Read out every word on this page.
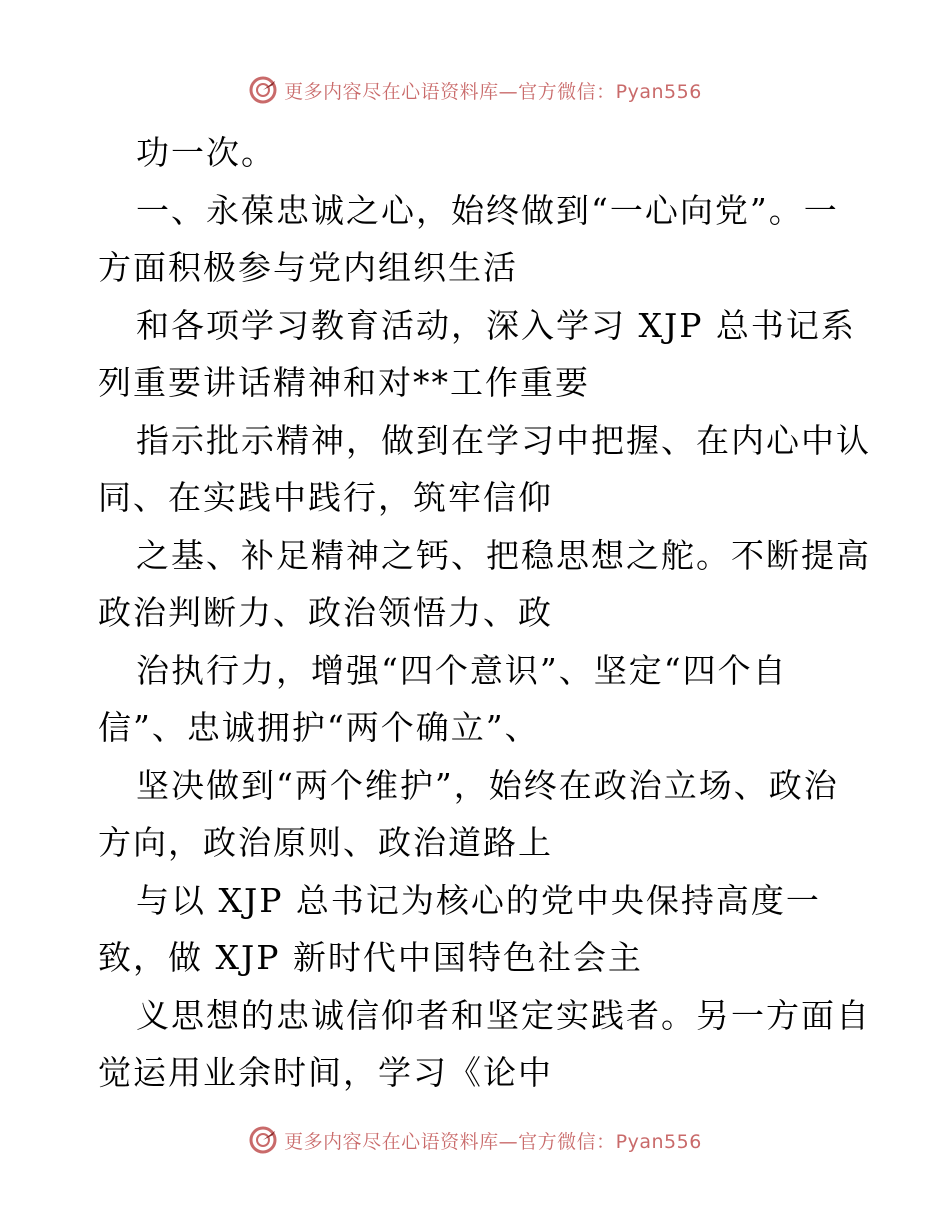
更多内容尽在心语资料库—官方微信：Pyan556
功一次。
一、永葆忠诚之心，始终做到“一心向党”。一
方面积极参与党内组织生活
和各项学习教育活动，深入学习 XJP 总书记系
列重要讲话精神和对**工作重要
指示批示精神，做到在学习中把握、在内心中认
同、在实践中践行，筑牢信仰
之基、补足精神之钙、把稳思想之舵。不断提高
政治判断力、政治领悟力、政
治执行力，增强“四个意识”、坚定“四个自
信”、忠诚拥护“两个确立”、
坚决做到“两个维护”，始终在政治立场、政治
方向，政治原则、政治道路上
与以 XJP 总书记为核心的党中央保持高度一
致，做 XJP 新时代中国特色社会主
义思想的忠诚信仰者和坚定实践者。另一方面自
觉运用业余时间，学习《论中
更多内容尽在心语资料库—官方微信：Pyan556
